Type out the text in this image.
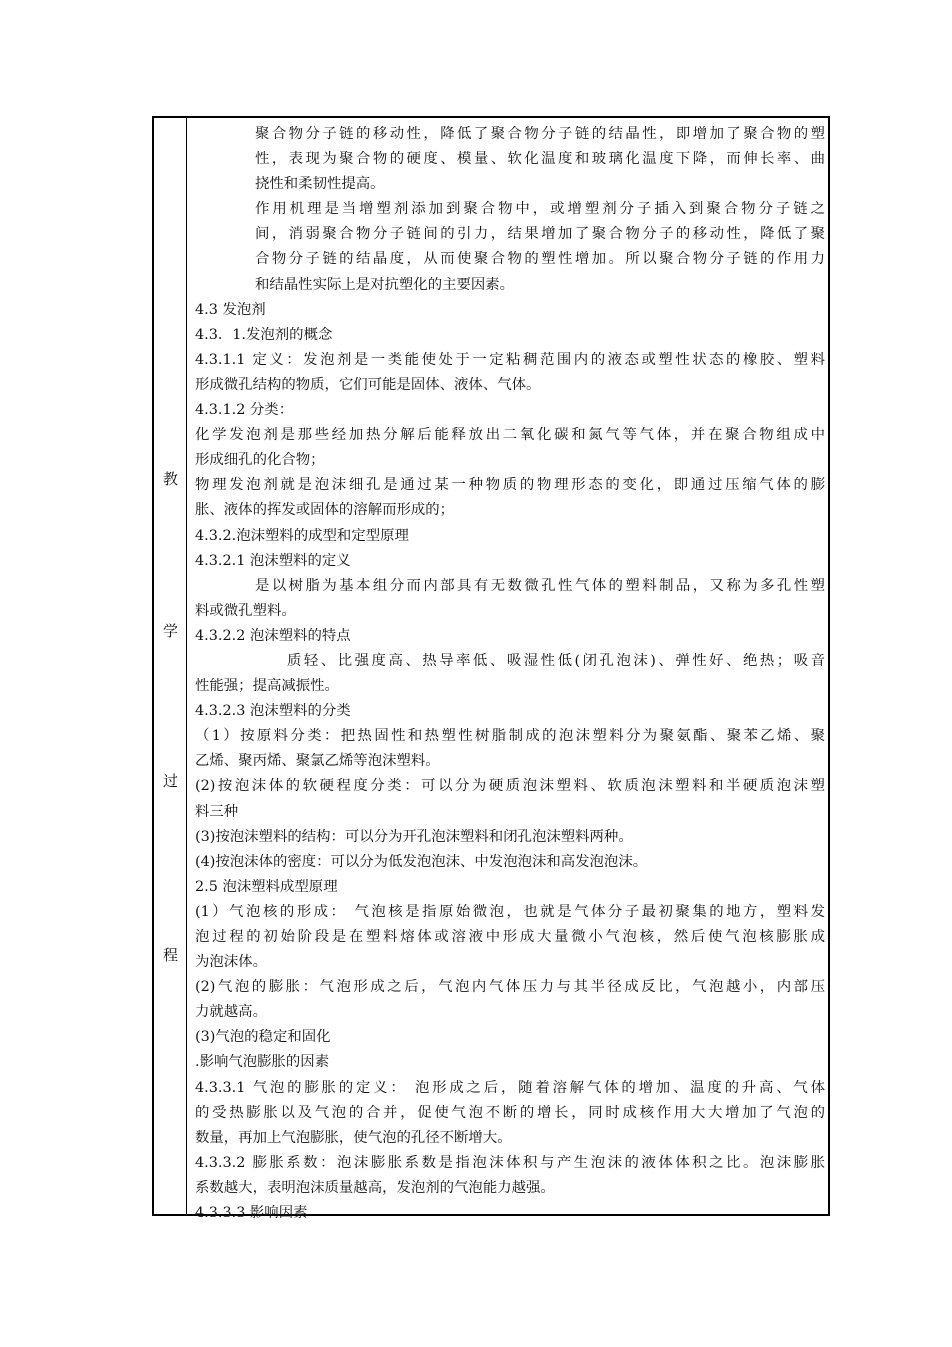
教
学
过
程
聚合物分子链的移动性，降低了聚合物分子链的结晶性，即增加了聚合物的塑
性，表现为聚合物的硬度、模量、软化温度和玻璃化温度下降，而伸长率、曲
挠性和柔韧性提高。
作用机理是当增塑剂添加到聚合物中，或增塑剂分子插入到聚合物分子链之
间，消弱聚合物分子链间的引力，结果增加了聚合物分子的移动性，降低了聚
合物分子链的结晶度，从而使聚合物的塑性增加。所以聚合物分子链的作用力
和结晶性实际上是对抗塑化的主要因素。
4.3 发泡剂
4.3．1.发泡剂的概念
4.3.1.1 定义：发泡剂是一类能使处于一定粘稠范围内的液态或塑性状态的橡胶、塑料
形成微孔结构的物质，它们可能是固体、液体、气体。
4.3.1.2 分类：
化学发泡剂是那些经加热分解后能释放出二氧化碳和氮气等气体，并在聚合物组成中
形成细孔的化合物；
物理发泡剂就是泡沫细孔是通过某一种物质的物理形态的变化，即通过压缩气体的膨
胀、液体的挥发或固体的溶解而形成的；
4.3.2.泡沫塑料的成型和定型原理
4.3.2.1 泡沫塑料的定义
是以树脂为基本组分而内部具有无数微孔性气体的塑料制品，又称为多孔性塑
料或微孔塑料。
4.3.2.2 泡沫塑料的特点
质轻、比强度高、热导率低、吸湿性低(闭孔泡沫)、弹性好、绝热；吸音
性能强；提高减振性。
4.3.2.3 泡沫塑料的分类
（1）按原料分类：把热固性和热塑性树脂制成的泡沫塑料分为聚氨酯、聚苯乙烯、聚
乙烯、聚丙烯、聚氯乙烯等泡沫塑料。
(2)按泡沫体的软硬程度分类：可以分为硬质泡沫塑料、软质泡沫塑料和半硬质泡沫塑
料三种
(3)按泡沫塑料的结构：可以分为开孔泡沫塑料和闭孔泡沫塑料两种。
(4)按泡沫体的密度：可以分为低发泡泡沫、中发泡泡沫和高发泡泡沫。
2.5 泡沫塑料成型原理
(1）气泡核的形成： 气泡核是指原始微泡，也就是气体分子最初聚集的地方，塑料发
泡过程的初始阶段是在塑料熔体或溶液中形成大量微小气泡核，然后使气泡核膨胀成
为泡沫体。
(2)气泡的膨胀：气泡形成之后，气泡内气体压力与其半径成反比，气泡越小，内部压
力就越高。
(3)气泡的稳定和固化
.影响气泡膨胀的因素
4.3.3.1 气泡的膨胀的定义： 泡形成之后，随着溶解气体的增加、温度的升高、气体
的受热膨胀以及气泡的合并，促使气泡不断的增长，同时成核作用大大增加了气泡的
数量，再加上气泡膨胀，使气泡的孔径不断增大。
4.3.3.2 膨胀系数：泡沫膨胀系数是指泡沫体积与产生泡沫的液体体积之比。泡沫膨胀
系数越大，表明泡沫质量越高，发泡剂的气泡能力越强。
4.3.3.3 影响因素
